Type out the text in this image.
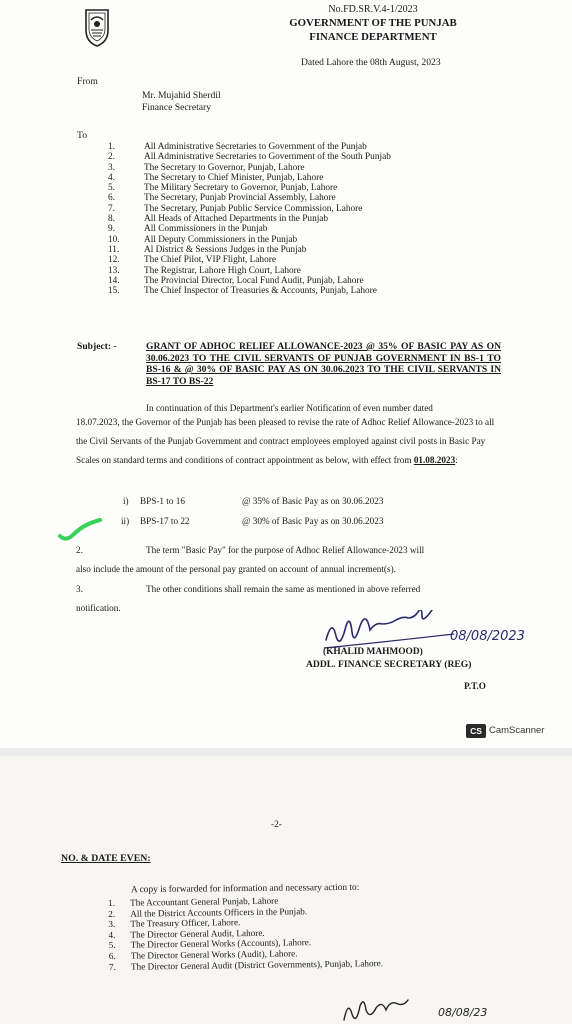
No.FD.SR.V.4-1/2023
GOVERNMENT OF THE PUNJAB
FINANCE DEPARTMENT
Dated Lahore the 08th August, 2023
From
Mr. Mujahid Sherdil
Finance Secretary
To
1.	All Administrative Secretaries to Government of the Punjab
2.	All Administrative Secretaries to Government of the South Punjab
3.	The Secretary to Governor, Punjab, Lahore
4.	The Secretary to Chief Minister, Punjab, Lahore
5.	The Military Secretary to Governor, Punjab, Lahore
6.	The Secretary, Punjab Provincial Assembly, Lahore
7.	The Secretary, Punjab Public Service Commission, Lahore
8.	All Heads of Attached Departments in the Punjab
9.	All Commissioners in the Punjab
10.	All Deputy Commissioners in the Punjab
11.	Al District & Sessions Judges in the Punjab
12.	The Chief Pilot, VIP Flight, Lahore
13.	The Registrar, Lahore High Court, Lahore
14.	The Provincial Director, Local Fund Audit, Punjab, Lahore
15.	The Chief Inspector of Treasuries & Accounts, Punjab, Lahore
Subject: -	GRANT OF ADHOC RELIEF ALLOWANCE-2023 @ 35% OF BASIC PAY AS ON 30.06.2023 TO THE CIVIL SERVANTS OF PUNJAB GOVERNMENT IN BS-1 TO BS-16 & @ 30% OF BASIC PAY AS ON 30.06.2023 TO THE CIVIL SERVANTS IN BS-17 TO BS-22
In continuation of this Department's earlier Notification of even number dated
18.07.2023, the Governor of the Punjab has been pleased to revise the rate of Adhoc Relief Allowance-2023 to all the Civil Servants of the Punjab Government and contract employees employed against civil posts in Basic Pay Scales on standard terms and conditions of contract appointment as below, with effect from 01.08.2023:
i) BPS-1 to 16	@ 35% of Basic Pay as on 30.06.2023
ii) BPS-17 to 22	@ 30% of Basic Pay as on 30.06.2023
2.	The term "Basic Pay" for the purpose of Adhoc Relief Allowance-2023 will
also include the amount of the personal pay granted on account of annual increment(s).
3.	The other conditions shall remain the same as mentioned in above referred
notification.
08/08/2023
(KHALID MAHMOOD)
ADDL. FINANCE SECRETARY (REG)
P.T.O
CS CamScanner
-2-
NO. & DATE EVEN:
A copy is forwarded for information and necessary action to:
1. The Accountant General Punjab, Lahore
2. All the District Accounts Officers in the Punjab.
3. The Treasury Officer, Lahore.
4. The Director General Audit, Lahore.
5. The Director General Works (Accounts), Lahore.
6. The Director General Works (Audit), Lahore.
7. The Director General Audit (District Governments), Punjab, Lahore.
08/08/23
